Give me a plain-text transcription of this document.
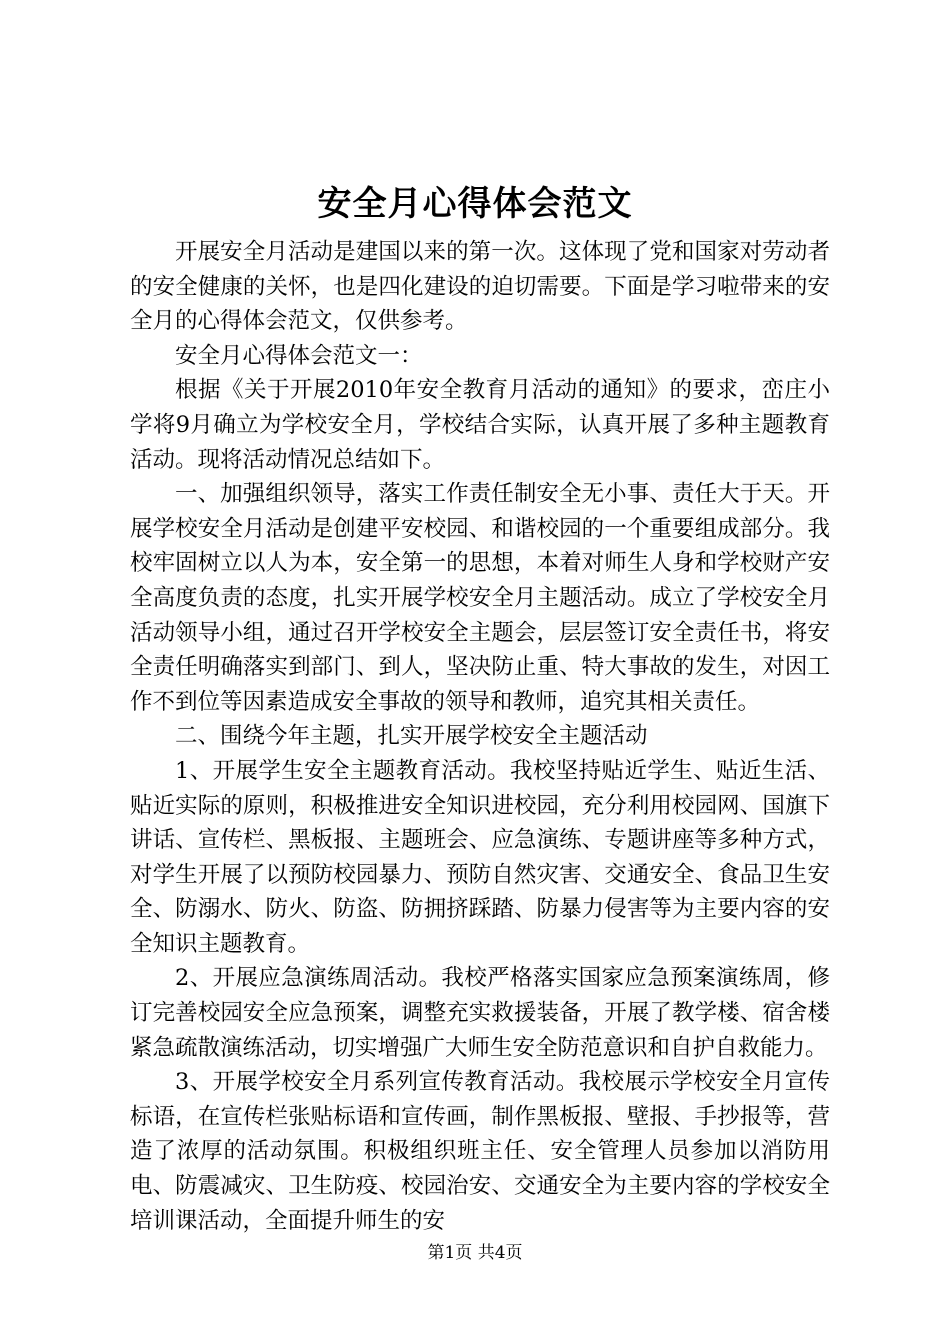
安全月心得体会范文

开展安全月活动是建国以来的第一次。这体现了党和国家对劳动者的安全健康的关怀，也是四化建设的迫切需要。下面是学习啦带来的安全月的心得体会范文，仅供参考。

安全月心得体会范文一：

根据《关于开展2010年安全教育月活动的通知》的要求，峦庄小学将9月确立为学校安全月，学校结合实际，认真开展了多种主题教育活动。现将活动情况总结如下。

一、加强组织领导，落实工作责任制安全无小事、责任大于天。开展学校安全月活动是创建平安校园、和谐校园的一个重要组成部分。我校牢固树立以人为本，安全第一的思想，本着对师生人身和学校财产安全高度负责的态度，扎实开展学校安全月主题活动。成立了学校安全月活动领导小组，通过召开学校安全主题会，层层签订安全责任书，将安全责任明确落实到部门、到人，坚决防止重、特大事故的发生，对因工作不到位等因素造成安全事故的领导和教师，追究其相关责任。

二、围绕今年主题，扎实开展学校安全主题活动

1、开展学生安全主题教育活动。我校坚持贴近学生、贴近生活、贴近实际的原则，积极推进安全知识进校园，充分利用校园网、国旗下讲话、宣传栏、黑板报、主题班会、应急演练、专题讲座等多种方式，对学生开展了以预防校园暴力、预防自然灾害、交通安全、食品卫生安全、防溺水、防火、防盗、防拥挤踩踏、防暴力侵害等为主要内容的安全知识主题教育。

2、开展应急演练周活动。我校严格落实国家应急预案演练周，修订完善校园安全应急预案，调整充实救援装备，开展了教学楼、宿舍楼紧急疏散演练活动，切实增强广大师生安全防范意识和自护自救能力。

3、开展学校安全月系列宣传教育活动。我校展示学校安全月宣传标语，在宣传栏张贴标语和宣传画，制作黑板报、壁报、手抄报等，营造了浓厚的活动氛围。积极组织班主任、安全管理人员参加以消防用电、防震减灾、卫生防疫、校园治安、交通安全为主要内容的学校安全培训课活动，全面提升师生的安

第1页 共4页
